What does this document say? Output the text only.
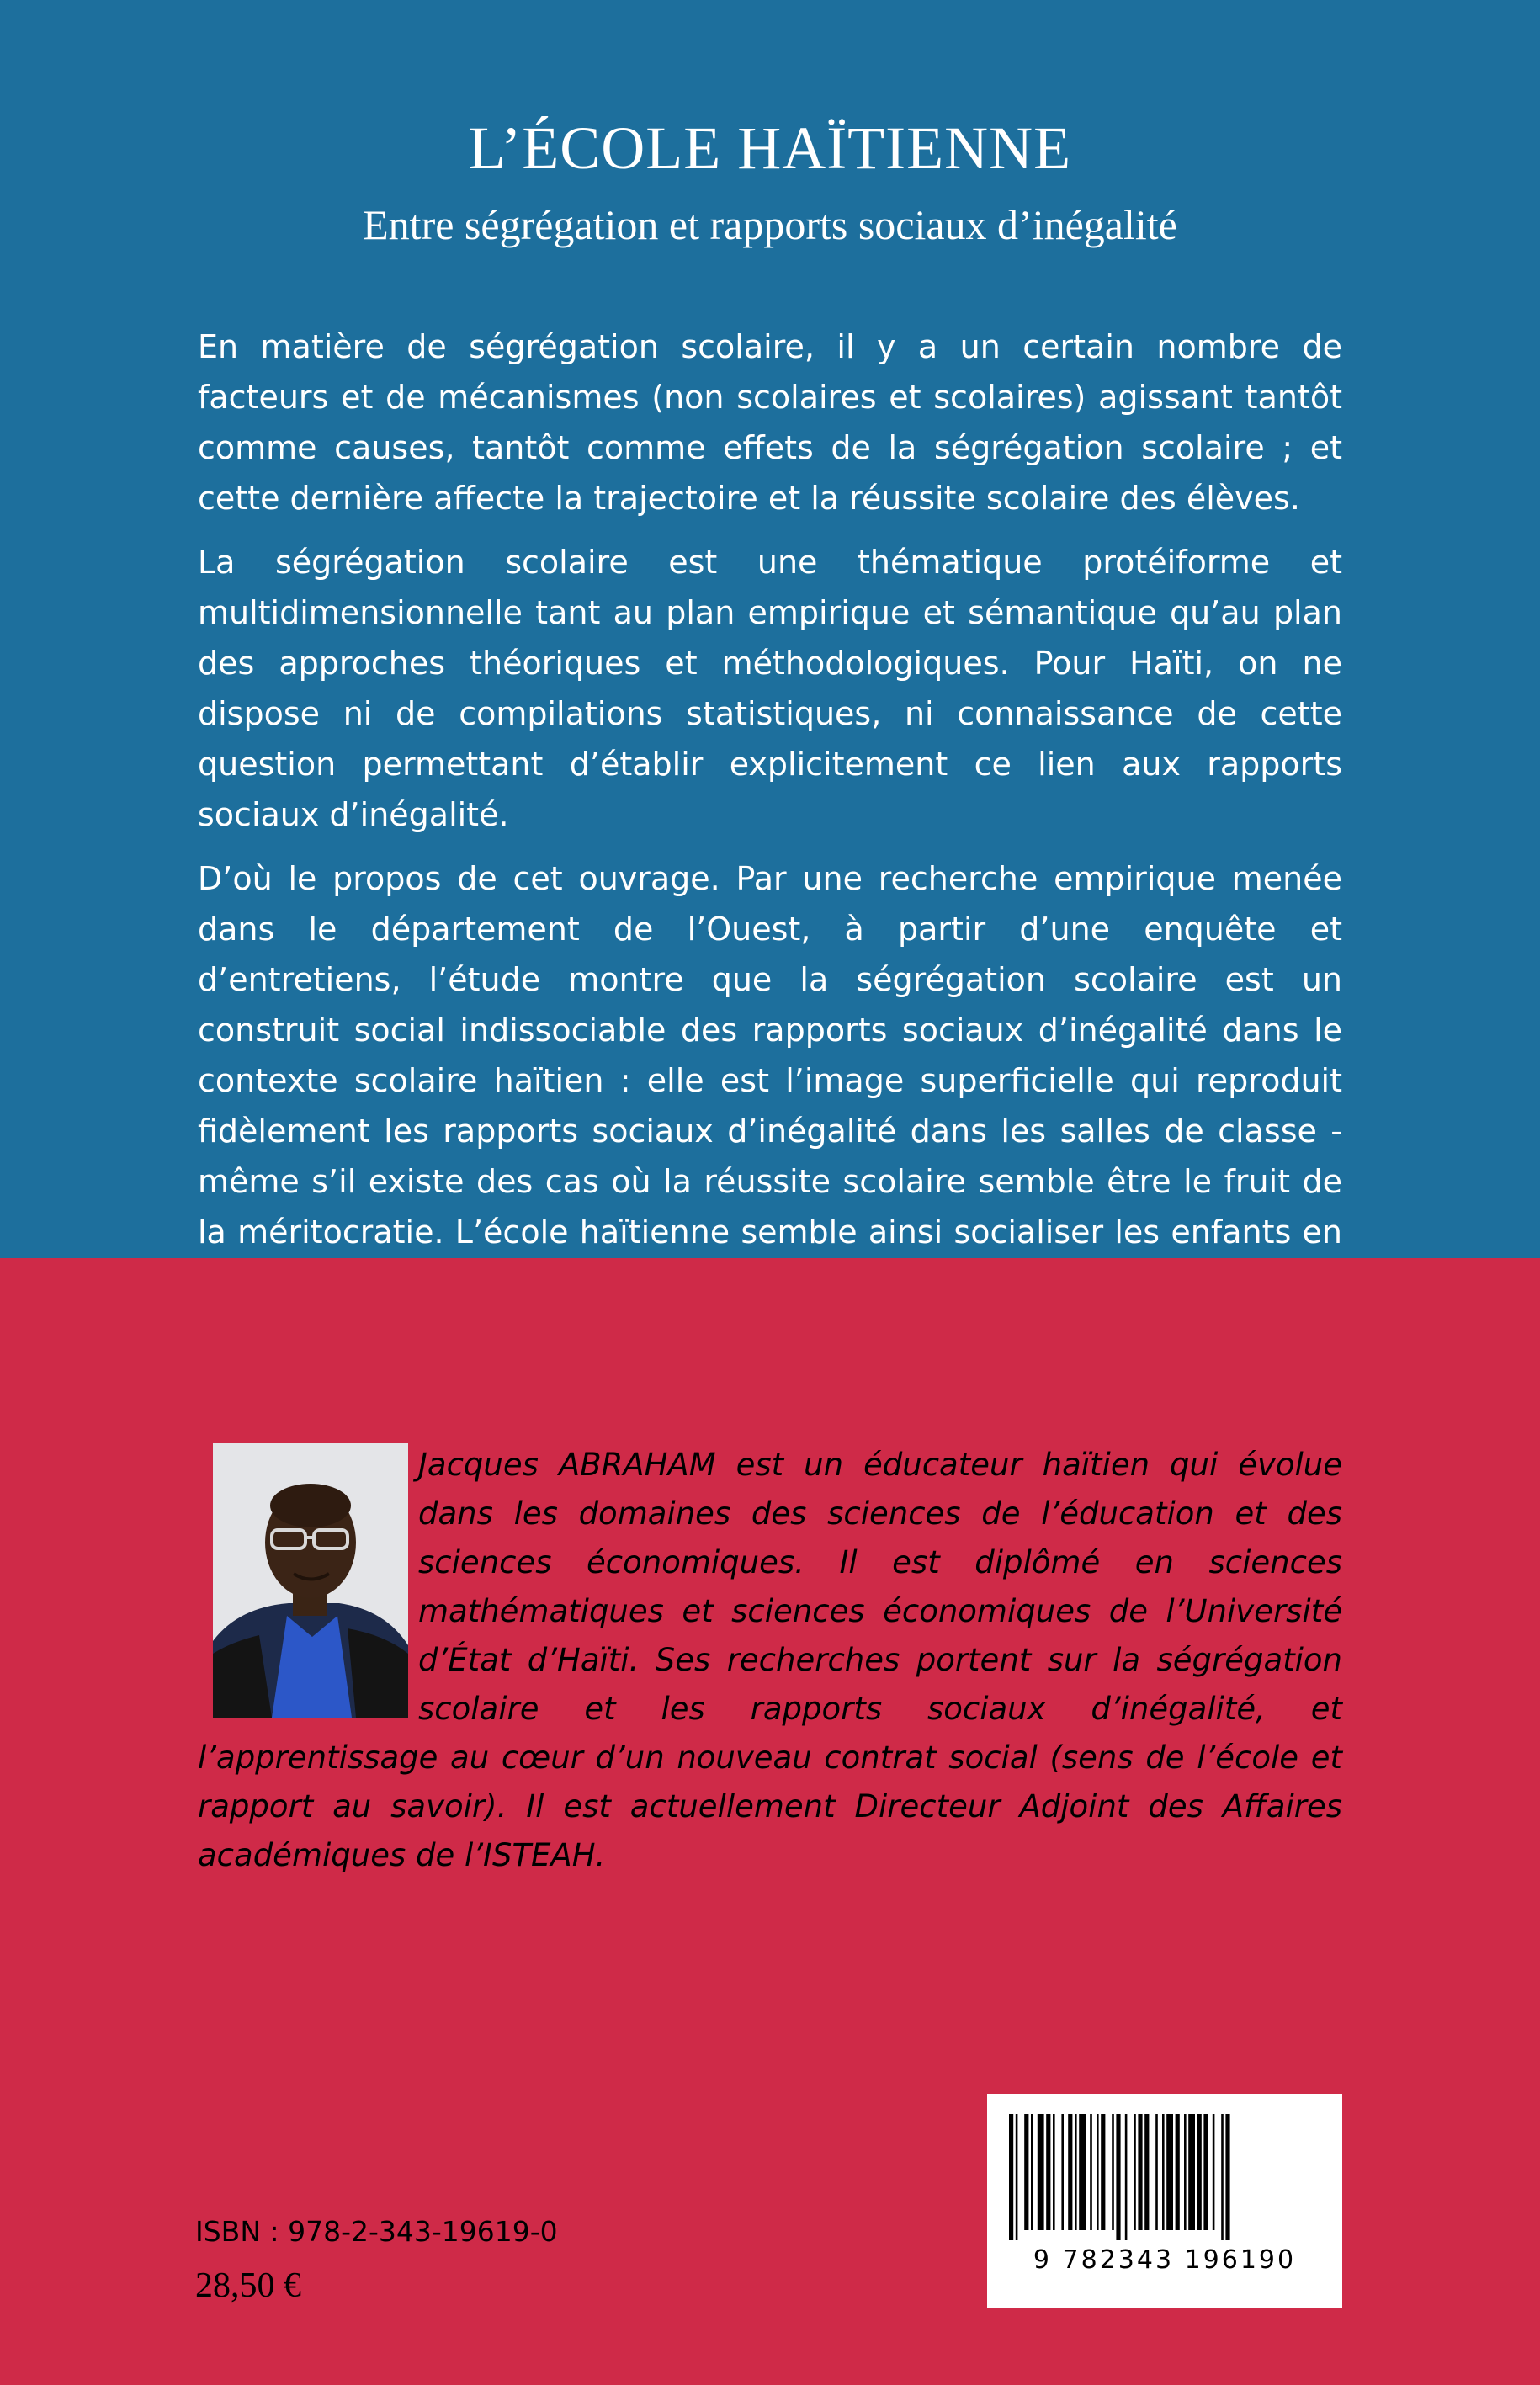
L’ÉCOLE HAÏTIENNE
Entre ségrégation et rapports sociaux d’inégalité

En matière de ségrégation scolaire, il y a un certain nombre de facteurs et de mécanismes (non scolaires et scolaires) agissant tantôt comme causes, tantôt comme effets de la ségrégation scolaire ; et cette dernière affecte la trajectoire et la réussite scolaire des élèves.

La ségrégation scolaire est une thématique protéiforme et multidimensionnelle tant au plan empirique et sémantique qu’au plan des approches théoriques et méthodologiques. Pour Haïti, on ne dispose ni de compilations statistiques, ni connaissance de cette question permettant d’établir explicitement ce lien aux rapports sociaux d’inégalité.

D’où le propos de cet ouvrage. Par une recherche empirique menée dans le département de l’Ouest, à partir d’une enquête et d’entretiens, l’étude montre que la ségrégation scolaire est un construit social indissociable des rapports sociaux d’inégalité dans le contexte scolaire haïtien : elle est l’image superficielle qui reproduit fidèlement les rapports sociaux d’inégalité dans les salles de classe -même s’il existe des cas où la réussite scolaire semble être le fruit de la méritocratie. L’école haïtienne semble ainsi socialiser les enfants en

Jacques ABRAHAM est un éducateur haïtien qui évolue dans les domaines des sciences de l’éducation et des sciences économiques. Il est diplômé en sciences mathématiques et sciences économiques de l’Université d’État d’Haïti. Ses recherches portent sur la ségrégation scolaire et les rapports sociaux d’inégalité, et l’apprentissage au cœur d’un nouveau contrat social (sens de l’école et rapport au savoir). Il est actuellement Directeur Adjoint des Affaires académiques de l’ISTEAH.
ISBN : 978-2-343-19619-0
28,50 €
9 782343 196190
